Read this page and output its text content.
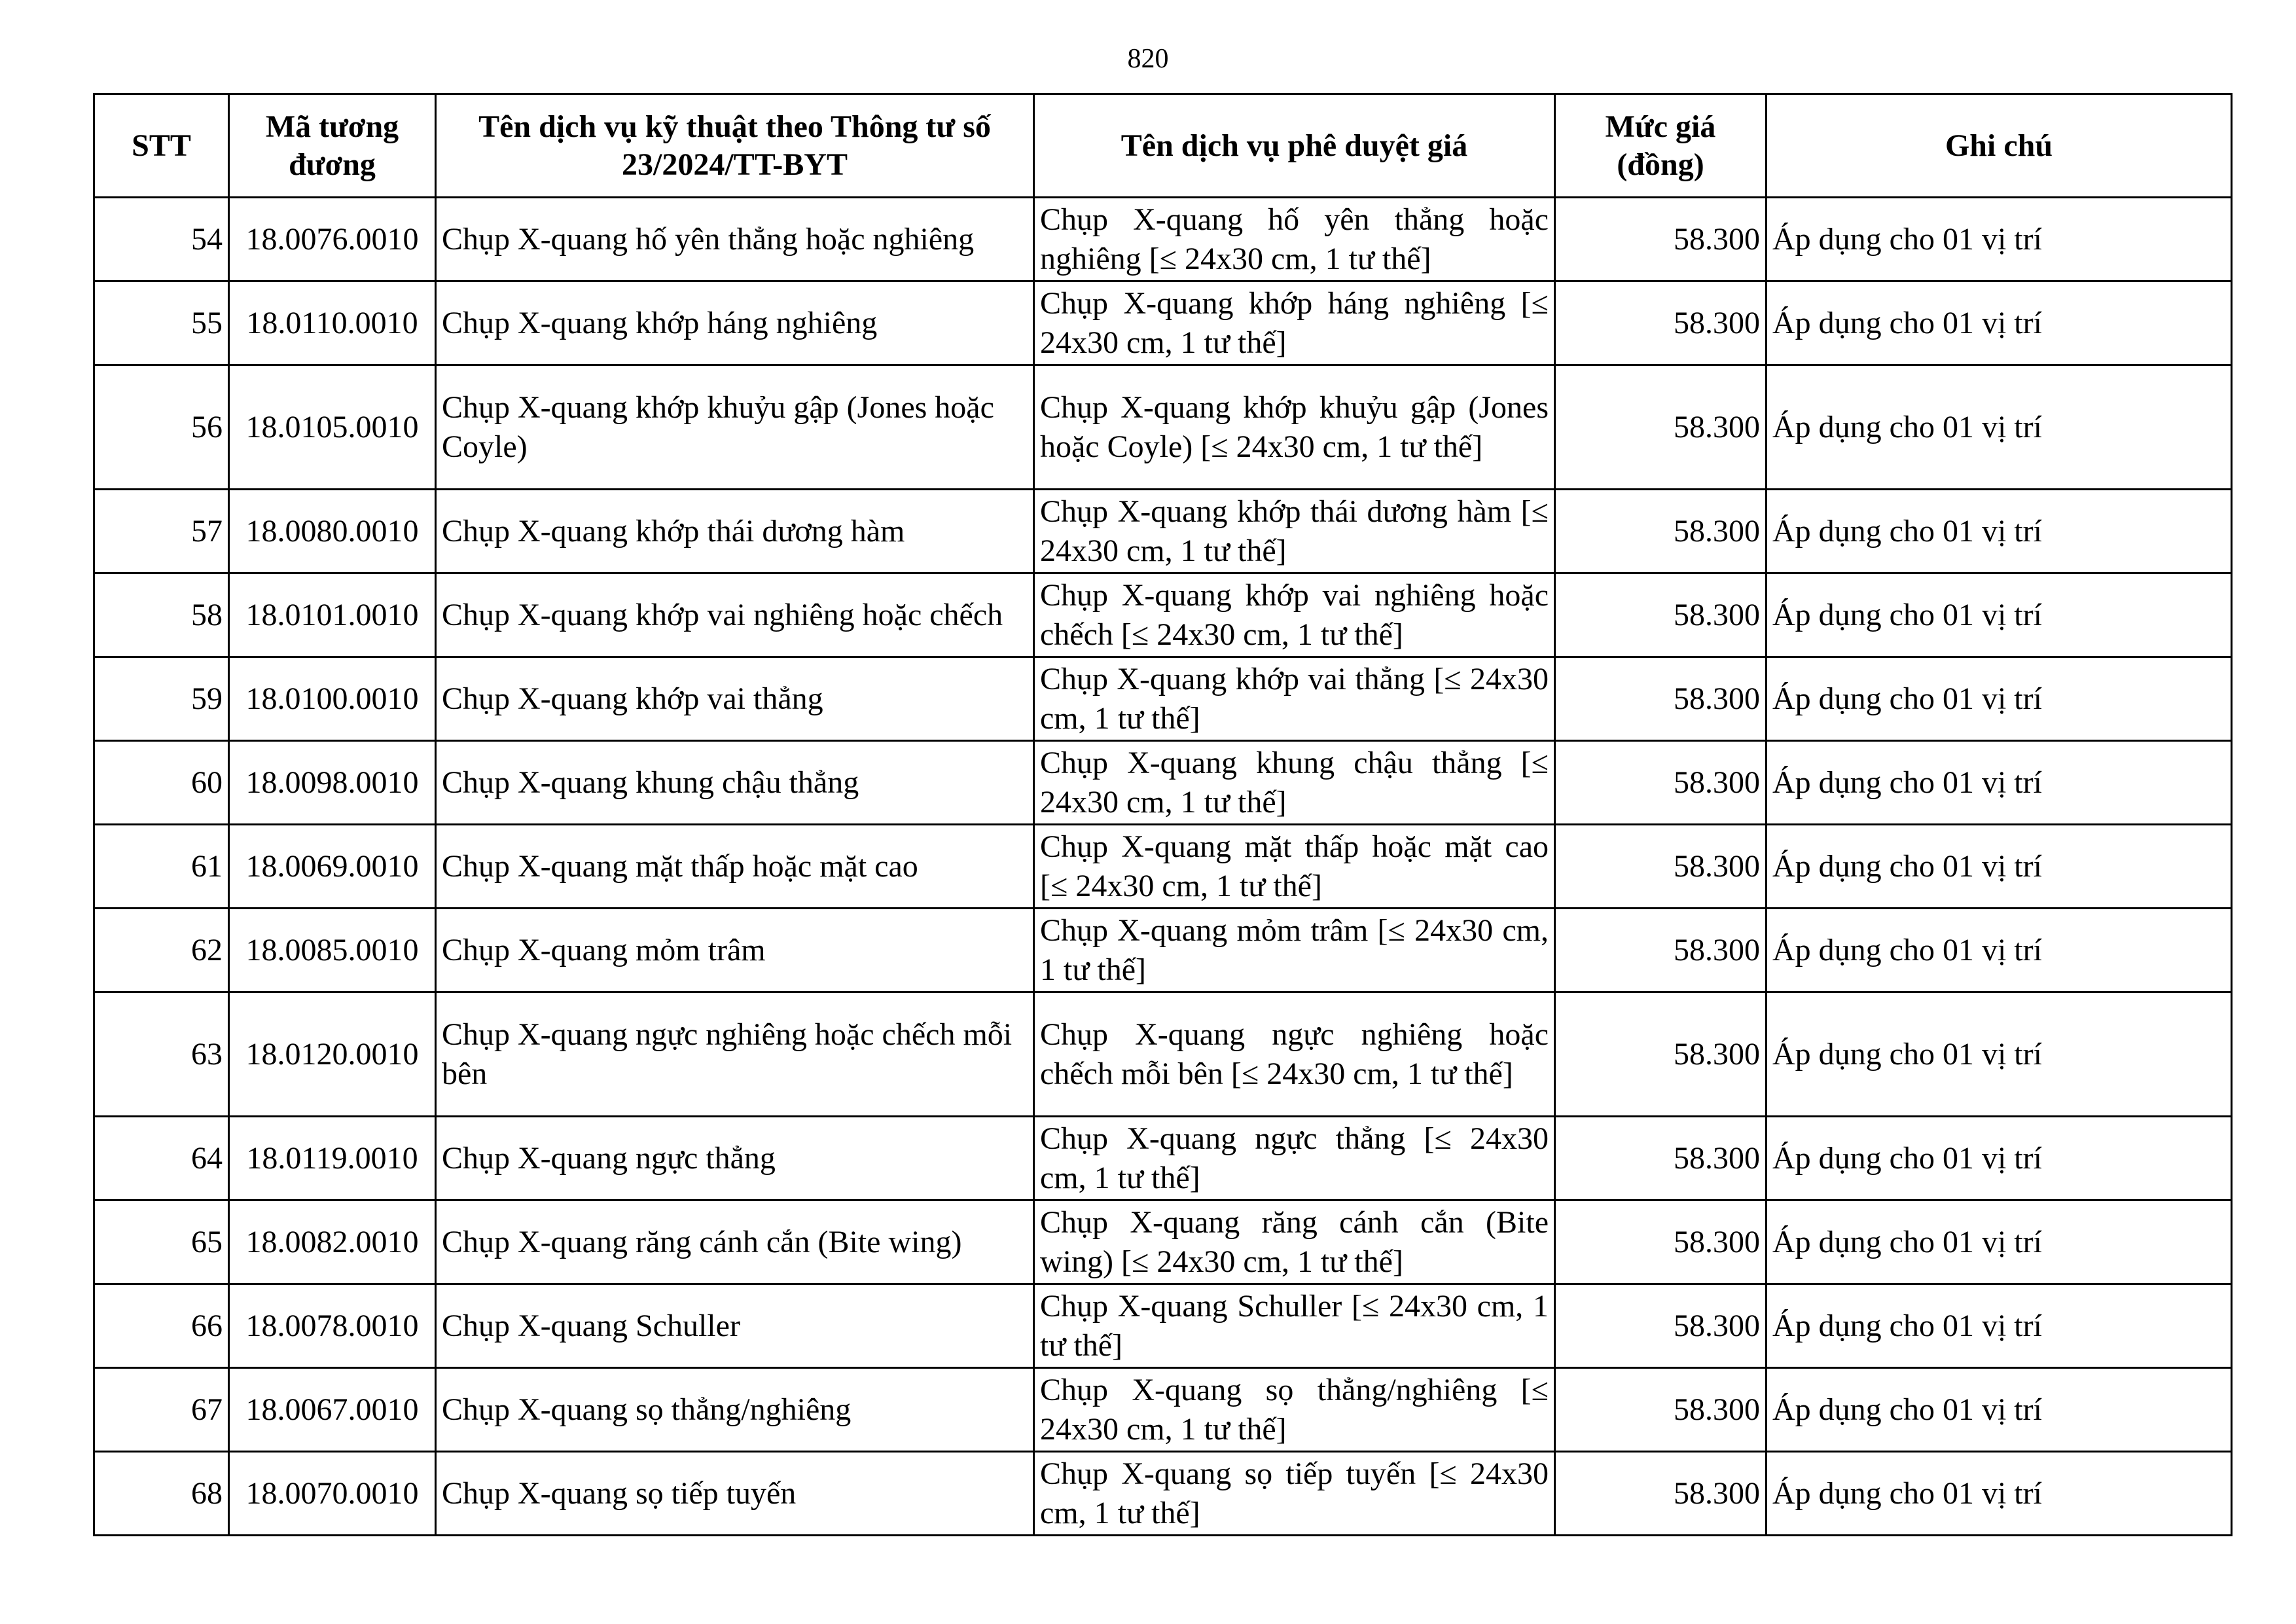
820
STT	Mã tương đương	Tên dịch vụ kỹ thuật theo Thông tư số 23/2024/TT-BYT	Tên dịch vụ phê duyệt giá	Mức giá (đồng)	Ghi chú
54	18.0076.0010	Chụp X-quang hố yên thẳng hoặc nghiêng	Chụp X-quang hố yên thẳng hoặc nghiêng [≤ 24x30 cm, 1 tư thế]	58.300	Áp dụng cho 01 vị trí
55	18.0110.0010	Chụp X-quang khớp háng nghiêng	Chụp X-quang khớp háng nghiêng [≤ 24x30 cm, 1 tư thế]	58.300	Áp dụng cho 01 vị trí
56	18.0105.0010	Chụp X-quang khớp khuỷu gập (Jones hoặc Coyle)	Chụp X-quang khớp khuỷu gập (Jones hoặc Coyle) [≤ 24x30 cm, 1 tư thế]	58.300	Áp dụng cho 01 vị trí
57	18.0080.0010	Chụp X-quang khớp thái dương hàm	Chụp X-quang khớp thái dương hàm [≤ 24x30 cm, 1 tư thế]	58.300	Áp dụng cho 01 vị trí
58	18.0101.0010	Chụp X-quang khớp vai nghiêng hoặc chếch	Chụp X-quang khớp vai nghiêng hoặc chếch [≤ 24x30 cm, 1 tư thế]	58.300	Áp dụng cho 01 vị trí
59	18.0100.0010	Chụp X-quang khớp vai thẳng	Chụp X-quang khớp vai thẳng [≤ 24x30 cm, 1 tư thế]	58.300	Áp dụng cho 01 vị trí
60	18.0098.0010	Chụp X-quang khung chậu thẳng	Chụp X-quang khung chậu thẳng [≤ 24x30 cm, 1 tư thế]	58.300	Áp dụng cho 01 vị trí
61	18.0069.0010	Chụp X-quang mặt thấp hoặc mặt cao	Chụp X-quang mặt thấp hoặc mặt cao [≤ 24x30 cm, 1 tư thế]	58.300	Áp dụng cho 01 vị trí
62	18.0085.0010	Chụp X-quang mỏm trâm	Chụp X-quang mỏm trâm [≤ 24x30 cm, 1 tư thế]	58.300	Áp dụng cho 01 vị trí
63	18.0120.0010	Chụp X-quang ngực nghiêng hoặc chếch mỗi bên	Chụp X-quang ngực nghiêng hoặc chếch mỗi bên [≤ 24x30 cm, 1 tư thế]	58.300	Áp dụng cho 01 vị trí
64	18.0119.0010	Chụp X-quang ngực thẳng	Chụp X-quang ngực thẳng [≤ 24x30 cm, 1 tư thế]	58.300	Áp dụng cho 01 vị trí
65	18.0082.0010	Chụp X-quang răng cánh cắn (Bite wing)	Chụp X-quang răng cánh cắn (Bite wing) [≤ 24x30 cm, 1 tư thế]	58.300	Áp dụng cho 01 vị trí
66	18.0078.0010	Chụp X-quang Schuller	Chụp X-quang Schuller [≤ 24x30 cm, 1 tư thế]	58.300	Áp dụng cho 01 vị trí
67	18.0067.0010	Chụp X-quang sọ thẳng/nghiêng	Chụp X-quang sọ thẳng/nghiêng [≤ 24x30 cm, 1 tư thế]	58.300	Áp dụng cho 01 vị trí
68	18.0070.0010	Chụp X-quang sọ tiếp tuyến	Chụp X-quang sọ tiếp tuyến [≤ 24x30 cm, 1 tư thế]	58.300	Áp dụng cho 01 vị trí
